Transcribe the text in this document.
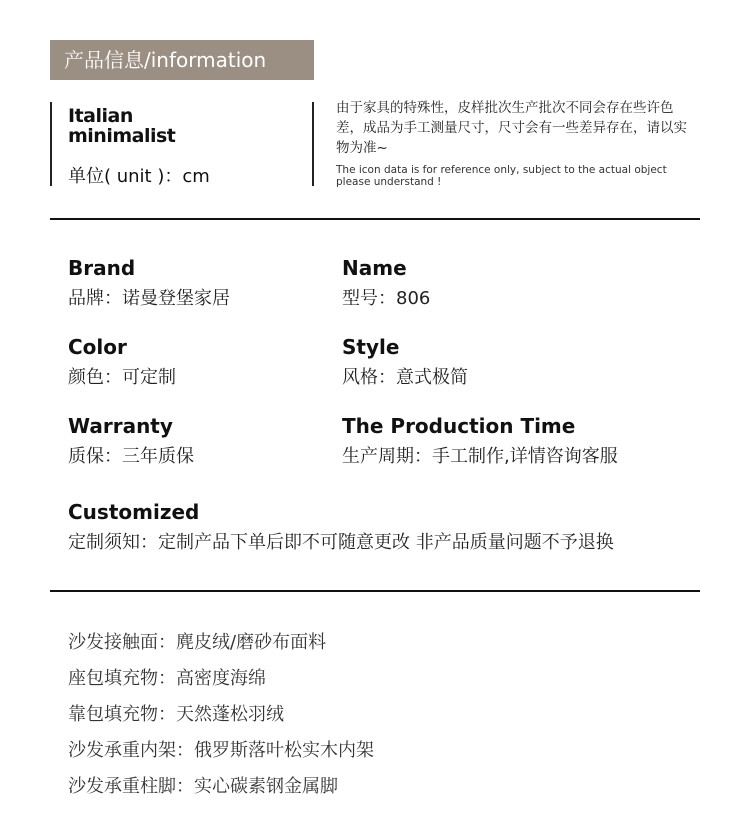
产品信息/information
Italian
minimalist
单位( unit )：cm
由于家具的特殊性，皮样批次生产批次不同会存在些许色差，成品为手工测量尺寸，尺寸会有一些差异存在，请以实物为准~
The icon data is for reference only, subject to the actual object please understand !
Brand
品牌：诺曼登堡家居
Name
型号：806
Color
颜色：可定制
Style
风格：意式极简
Warranty
质保：三年质保
The Production Time
生产周期：手工制作,详情咨询客服
Customized
定制须知：定制产品下单后即不可随意更改 非产品质量问题不予退换
沙发接触面：麂皮绒/磨砂布面料
座包填充物：高密度海绵
靠包填充物：天然蓬松羽绒
沙发承重内架：俄罗斯落叶松实木内架
沙发承重柱脚：实心碳素钢金属脚
